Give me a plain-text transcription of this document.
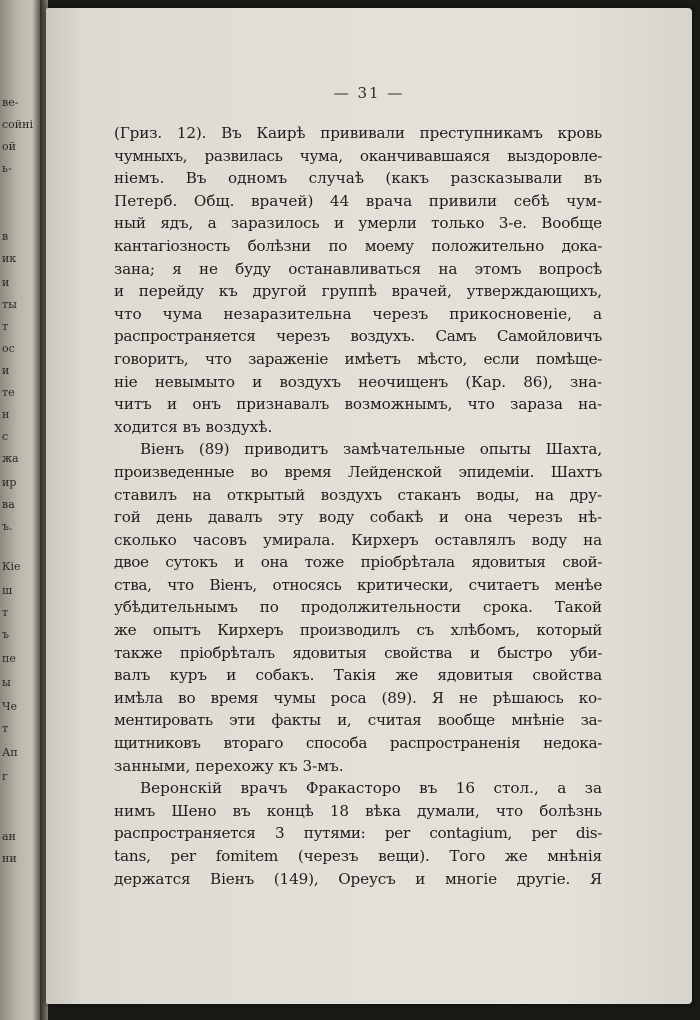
ве-
сойні
ой
ь-
в
ик
и
ты
т
ос
и
те
н
с
жа
ир
ва
ъ.
Кіе
ш
т
ъ
пе
ы
Че
т
Ап
г
ан
ни
— 31 —
(Гриз. 12). Въ Каирѣ прививали преступникамъ кровь
чумныхъ, развилась чума, оканчивавшаяся выздоровле-
ніемъ. Въ одномъ случаѣ (какъ разсказывали въ
Петерб. Общ. врачей) 44 врача привили себѣ чум-
ный ядъ, а заразилось и умерли только 3-е. Вообще
кантагіозность болѣзни по моему положительно дока-
зана; я не буду останавливаться на этомъ вопросѣ
и перейду къ другой группѣ врачей, утверждающихъ,
что чума незаразительна черезъ прикосновеніе, а
распространяется черезъ воздухъ. Самъ Самойловичъ
говоритъ, что зараженіе имѣетъ мѣсто, если помѣще-
ніе невымыто и воздухъ неочищенъ (Кар. 86), зна-
читъ и онъ признавалъ возможнымъ, что зараза на-
ходится въ воздухѣ.
Віенъ (89) приводитъ замѣчательные опыты Шахта,
произведенные во время Лейденской эпидеміи. Шахтъ
ставилъ на открытый воздухъ стаканъ воды, на дру-
гой день давалъ эту воду собакѣ и она черезъ нѣ-
сколько часовъ умирала. Кирхеръ оставлялъ воду на
двое сутокъ и она тоже пріобрѣтала ядовитыя свой-
ства, что Віенъ, относясь критически, считаетъ менѣе
убѣдительнымъ по продолжительности срока. Такой
же опытъ Кирхеръ производилъ съ хлѣбомъ, который
также пріобрѣталъ ядовитыя свойства и быстро уби-
валъ куръ и собакъ. Такія же ядовитыя свойства
имѣла во время чумы роса (89). Я не рѣшаюсь ко-
ментировать эти факты и, считая вообще мнѣніе за-
щитниковъ втораго способа распространенія недока-
занными, перехожу къ 3-мъ.
Веронскій врачъ Фракасторо въ 16 стол., а за
нимъ Шено въ концѣ 18 вѣка думали, что болѣзнь
распространяется 3 путями: per contagium, per dis-
tans, per fomitem (черезъ вещи). Того же мнѣнія
держатся Віенъ (149), Ореусъ и многіе другіе. Я
